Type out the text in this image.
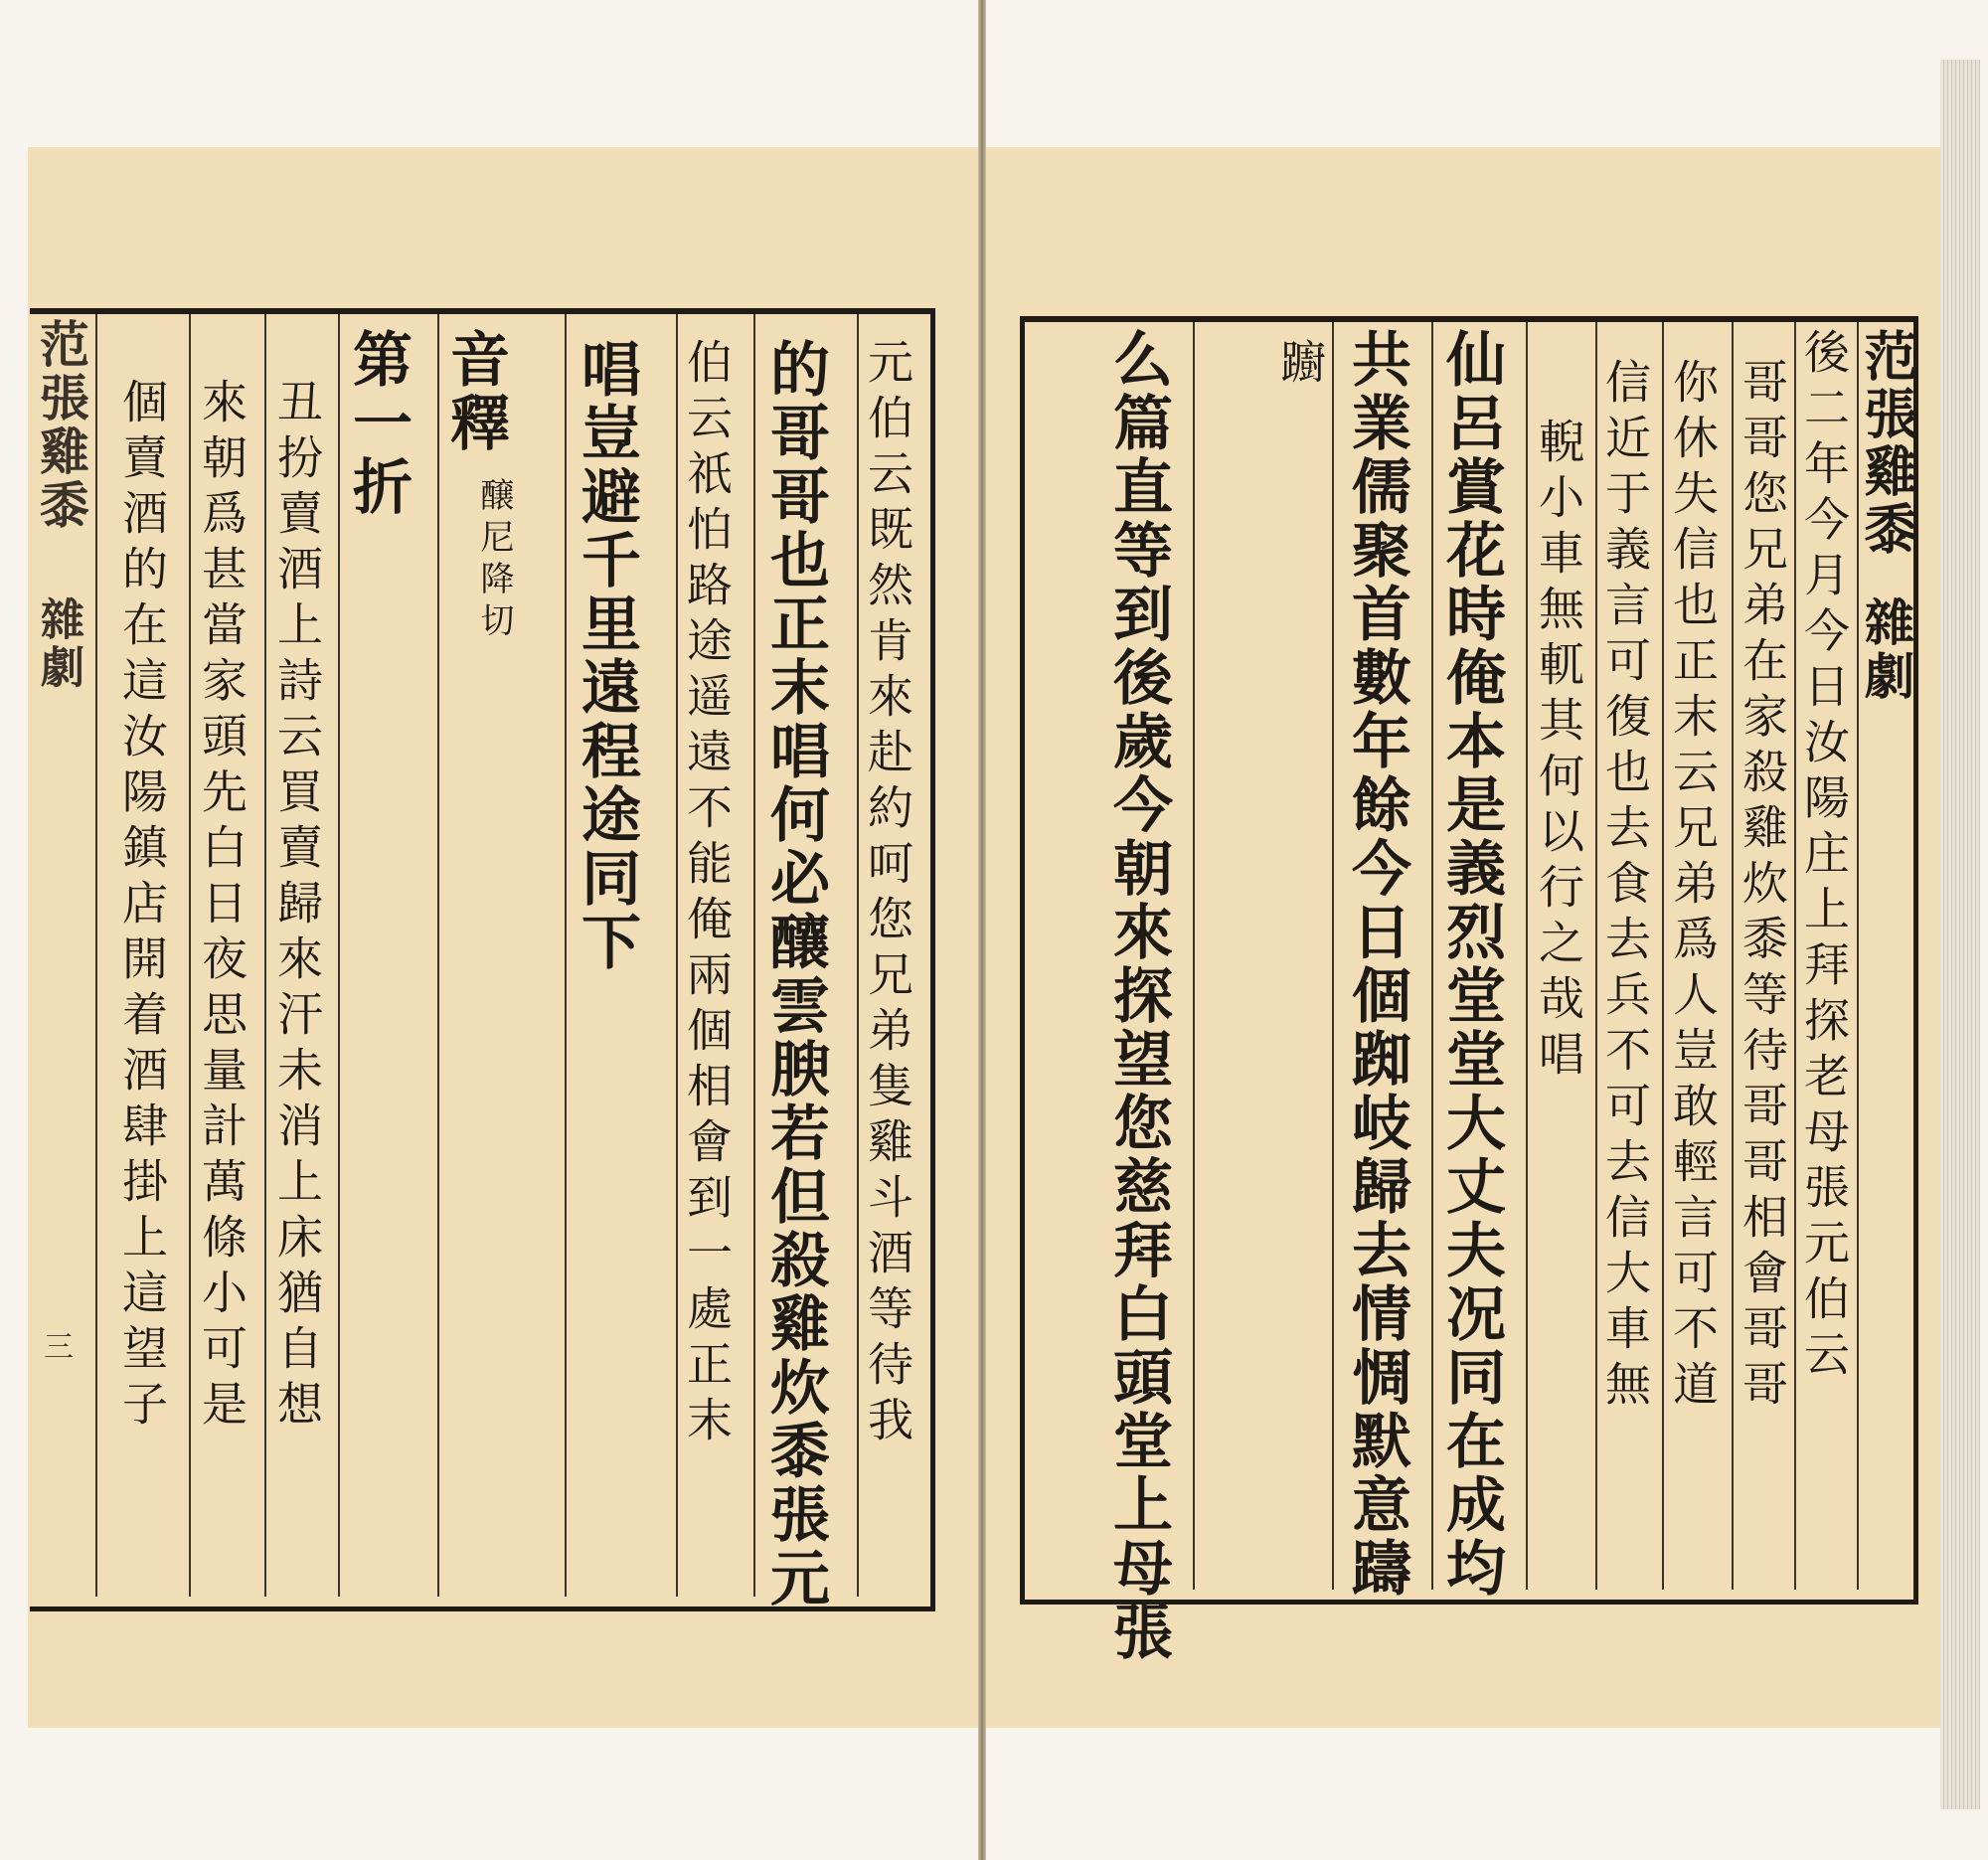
范張雞黍
雜劇
後二年今月今日汝陽庄上拜探老母張元伯云
哥哥您兄弟在家殺雞炊黍等待哥哥相會哥哥
你休失信也正末云兄弟爲人豈敢輕言可不道
信近于義言可復也去食去兵不可去信大車無
輗小車無軏其何以行之哉唱
仙呂賞花時俺本是義烈堂堂大丈夫况同在成均
共業儒聚首數年餘今日個踟岐歸去情惆默意躊
躕
么篇直等到後歲今朝來探望您慈拜白頭堂上母張
元伯云既然肯來赴約呵您兄弟隻雞斗酒等待我
的哥哥也正末唱何必釀雲腴若但殺雞炊黍張元
伯云祇怕路途遥遠不能俺兩個相會到一處正末
唱豈避千里遠程途同下
音釋
醸尼降切
第一折
丑扮賣酒上詩云買賣歸來汗未消上床猶自想
來朝爲甚當家頭先白日夜思量計萬條小可是
個賣酒的在這汝陽鎮店開着酒肆掛上這望子
范張雞黍
雜劇
三
